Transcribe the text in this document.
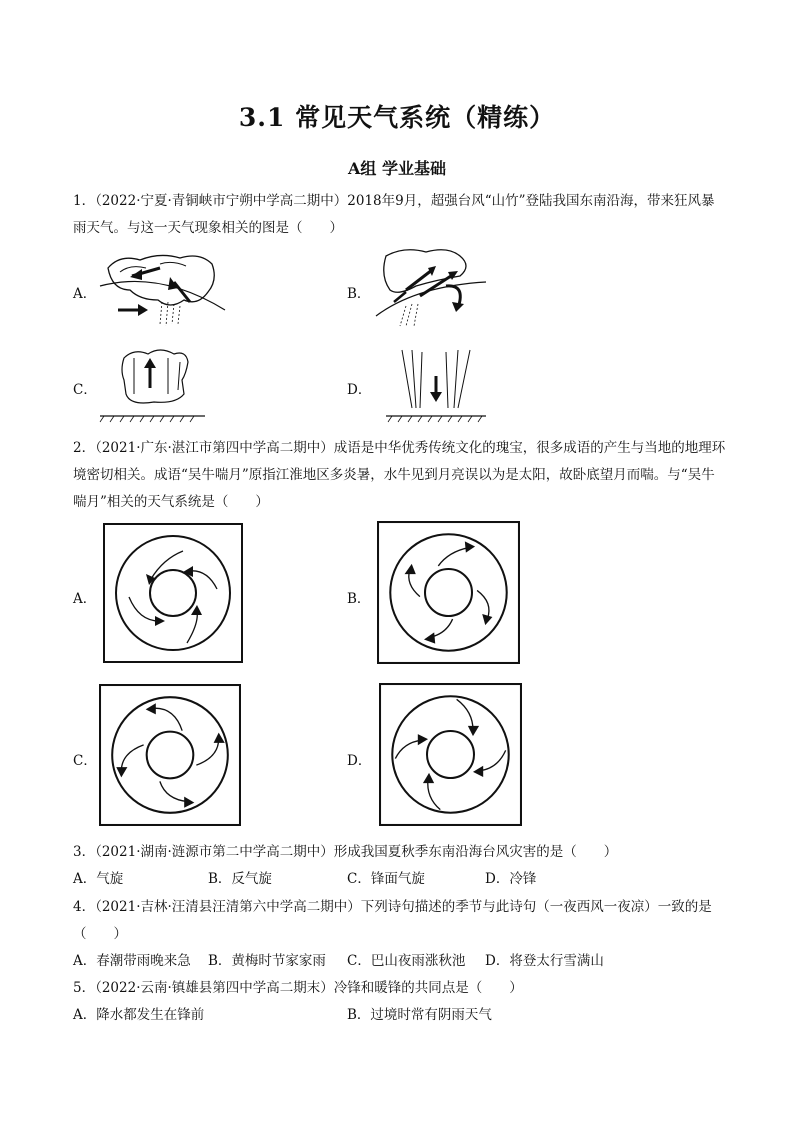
3.1 常见天气系统（精练）
A组 学业基础
1．（2022·宁夏·青铜峡市宁朔中学高二期中）2018年9月，超强台风“山竹”登陆我国东南沿海，带来狂风暴雨天气。与这一天气现象相关的图是（　　）
A．	B．
C．	D．
2．（2021·广东·湛江市第四中学高二期中）成语是中华优秀传统文化的瑰宝，很多成语的产生与当地的地理环境密切相关。成语“吴牛喘月”原指江淮地区多炎暑，水牛见到月亮误以为是太阳，故卧底望月而喘。与“吴牛喘月”相关的天气系统是（　　）
A．	B．
C．	D．
3．（2021·湖南·涟源市第二中学高二期中）形成我国夏秋季东南沿海台风灾害的是（　　）
A．气旋	B．反气旋	C．锋面气旋	D．冷锋
4．（2021·吉林·汪清县汪清第六中学高二期中）下列诗句描述的季节与此诗句（一夜西风一夜凉）一致的是（　　）
A．春潮带雨晚来急 B．黄梅时节家家雨 C．巴山夜雨涨秋池 D．将登太行雪满山
5．（2022·云南·镇雄县第四中学高二期末）冷锋和暖锋的共同点是（　　）
A．降水都发生在锋前	B．过境时常有阴雨天气
